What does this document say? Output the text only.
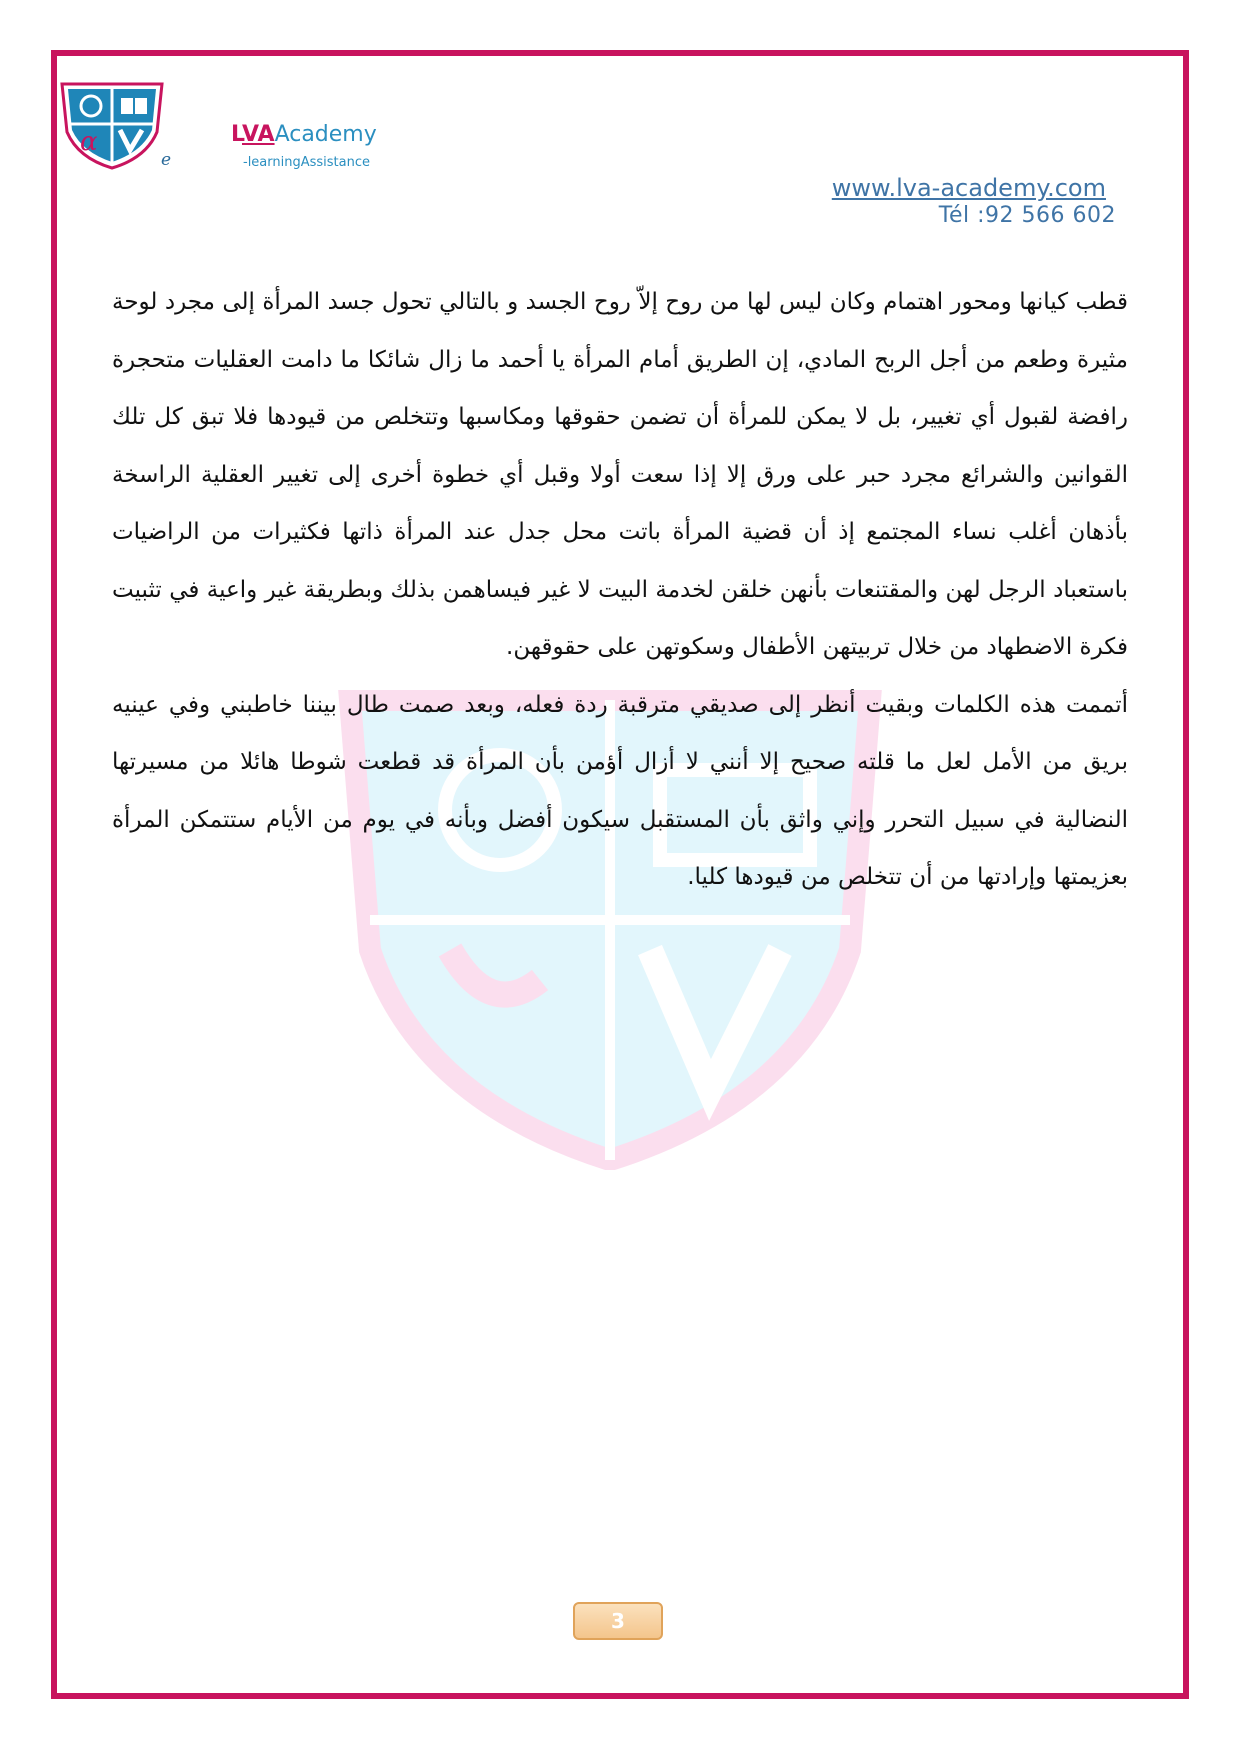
α
e
LVAAcademy
-learningAssistance
www.lva-academy.com
Tél :92 566 602

قطب كيانها ومحور اهتمام وكان ليس لها من روح إلاّ روح الجسد و بالتالي تحول جسد المرأة إلى مجرد لوحة مثيرة وطعم من أجل الربح المادي، إن الطريق أمام المرأة يا أحمد ما زال شائكا ما دامت العقليات متحجرة رافضة لقبول أي تغيير، بل لا يمكن للمرأة أن تضمن حقوقها ومكاسبها وتتخلص من قيودها فلا تبق كل تلك القوانين والشرائع مجرد حبر على ورق إلا إذا سعت أولا وقبل أي خطوة أخرى إلى تغيير العقلية الراسخة بأذهان أغلب نساء المجتمع إذ أن قضية المرأة باتت محل جدل عند المرأة ذاتها فكثيرات من الراضيات باستعباد الرجل لهن والمقتنعات بأنهن خلقن لخدمة البيت لا غير فيساهمن بذلك وبطريقة غير واعية في تثبيت فكرة الاضطهاد من خلال تربيتهن الأطفال وسكوتهن على حقوقهن.

أتممت هذه الكلمات وبقيت أنظر إلى صديقي مترقبة ردة فعله، وبعد صمت طال بيننا خاطبني وفي عينيه بريق من الأمل لعل ما قلته صحيح إلا أنني لا أزال أؤمن بأن المرأة قد قطعت شوطا هائلا من مسيرتها النضالية في سبيل التحرر وإني واثق بأن المستقبل سيكون أفضل وبأنه في يوم من الأيام ستتمكن المرأة بعزيمتها وإرادتها من أن تتخلص من قيودها كليا.

3
